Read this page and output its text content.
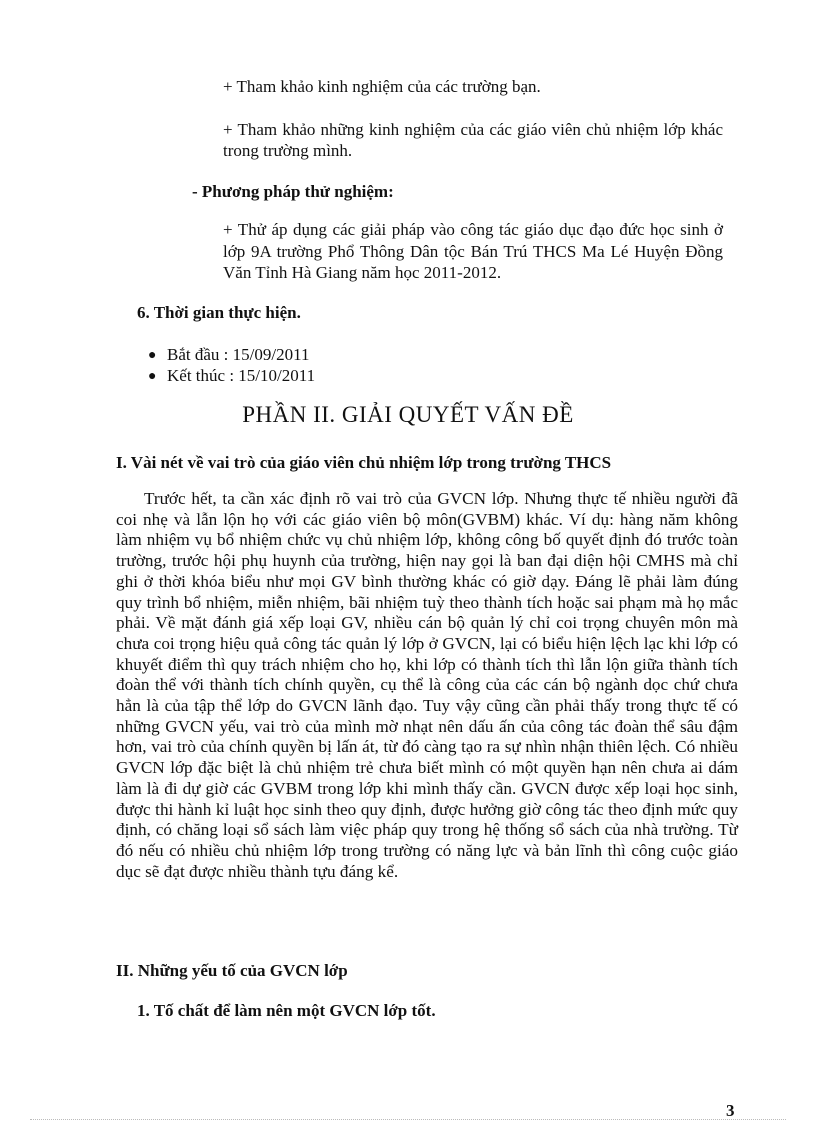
+ Tham khảo kinh nghiệm của các trường bạn.

+ Tham khảo những kinh nghiệm của các giáo viên chủ nhiệm lớp khác trong trường mình.

- Phương pháp thử nghiệm:

+ Thử áp dụng các giải pháp vào công tác giáo dục đạo đức học sinh ở lớp 9A trường Phổ Thông Dân tộc Bán Trú THCS Ma Lé Huyện Đồng Văn Tỉnh Hà Giang năm học 2011-2012.

6. Thời gian thực hiện.
● Bắt đầu : 15/09/2011
● Kết thúc : 15/10/2011
PHẦN II. GIẢI QUYẾT VẤN ĐỀ
I. Vài nét về vai trò của giáo viên chủ nhiệm lớp trong trường THCS

Trước hết, ta cần xác định rõ vai trò của GVCN lớp. Nhưng thực tế nhiều người đã coi nhẹ và lẫn lộn họ với các giáo viên bộ môn(GVBM) khác. Ví dụ: hàng năm không làm nhiệm vụ bổ nhiệm chức vụ chủ nhiệm lớp, không công bố quyết định đó trước toàn trường, trước hội phụ huynh của trường, hiện nay gọi là ban đại diện hội CMHS mà chỉ ghi ở thời khóa biểu như mọi GV bình thường khác có giờ dạy. Đáng lẽ phải làm đúng quy trình bổ nhiệm, miễn nhiệm, bãi nhiệm tuỳ theo thành tích hoặc sai phạm mà họ mắc phải. Về mặt đánh giá xếp loại GV, nhiều cán bộ quản lý chỉ coi trọng chuyên môn mà chưa coi trọng hiệu quả công tác quản lý lớp ở GVCN, lại có biểu hiện lệch lạc khi lớp có khuyết điểm thì quy trách nhiệm cho họ, khi lớp có thành tích thì lẫn lộn giữa thành tích đoàn thể với thành tích chính quyền, cụ thể là công của các cán bộ ngành dọc chứ chưa hẳn là của tập thể lớp do GVCN lãnh đạo. Tuy vậy cũng cần phải thấy trong thực tế có những GVCN yếu, vai trò của mình mờ nhạt nên dấu ấn của công tác đoàn thể sâu đậm hơn, vai trò của chính quyền bị lấn át, từ đó càng tạo ra sự nhìn nhận thiên lệch. Có nhiều GVCN lớp đặc biệt là chủ nhiệm trẻ chưa biết mình có một quyền hạn nên chưa ai dám làm là đi dự giờ các GVBM trong lớp khi mình thấy cần. GVCN được xếp loại học sinh, được thi hành kỉ luật học sinh theo quy định, được hưởng giờ công tác theo định mức quy định, có chăng loại sổ sách làm việc pháp quy trong hệ thống sổ sách của nhà trường. Từ đó nếu có nhiều chủ nhiệm lớp trong trường có năng lực và bản lĩnh thì công cuộc giáo dục sẽ đạt được nhiều thành tựu đáng kể.

II. Những yếu tố của GVCN lớp
1. Tố chất để làm nên một GVCN lớp tốt.
3
